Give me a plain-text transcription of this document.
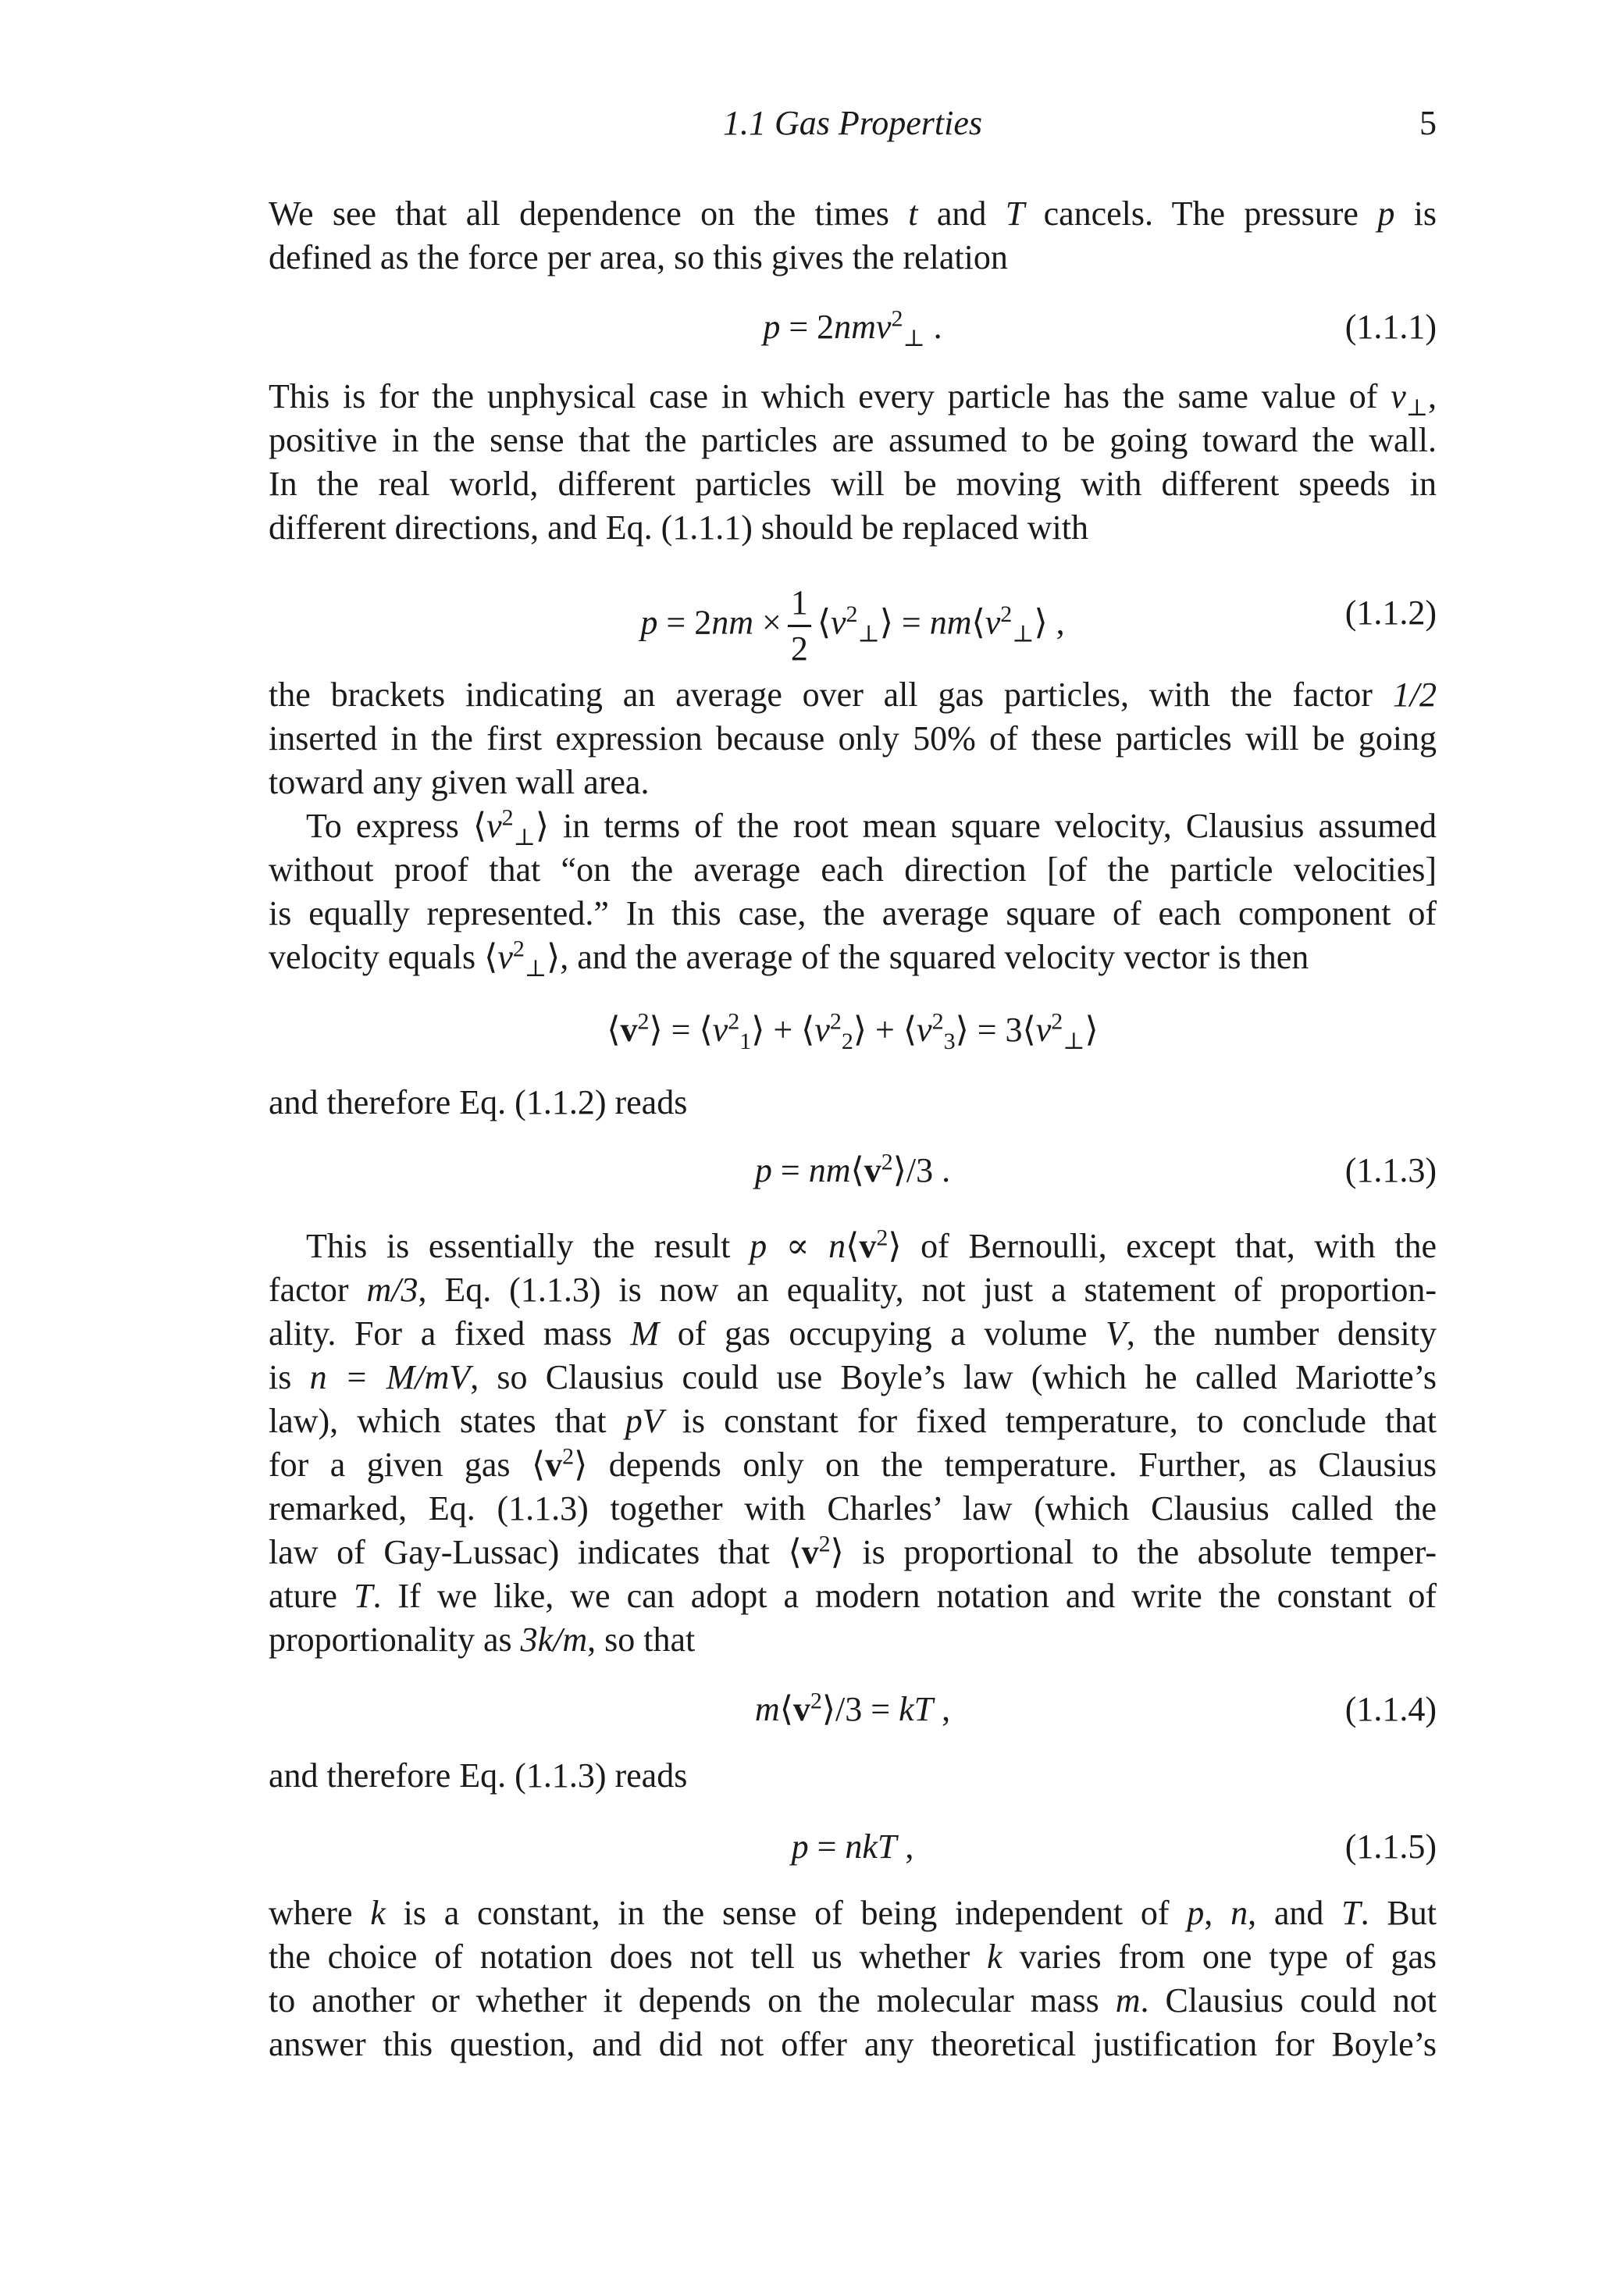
1.1 Gas Properties	5
We see that all dependence on the times t and T cancels. The pressure p is
defined as the force per area, so this gives the relation
p = 2nmv$^2_\perp$ .	(1.1.1)
This is for the unphysical case in which every particle has the same value of $v_\perp$,
positive in the sense that the particles are assumed to be going toward the wall.
In the real world, different particles will be moving with different speeds in
different directions, and Eq. (1.1.1) should be replaced with
$p = 2nm \times \frac{1}{2}$ $⟨v^2_\perp⟩$ = $nm⟨v^2_\perp⟩$ ,	(1.1.2)
the brackets indicating an average over all gas particles, with the factor 1/2
inserted in the first expression because only 50% of these particles will be going
toward any given wall area.
To express $⟨v^2_\perp⟩$ in terms of the root mean square velocity, Clausius assumed
without proof that “on the average each direction [of the particle velocities]
is equally represented.” In this case, the average square of each component of
velocity equals $⟨v^2_\perp⟩$, and the average of the squared velocity vector is then
$⟨v^2⟩$ = $⟨v^2_1⟩$ + $⟨v^2_2⟩$ + $⟨v^2_3⟩$ = $3⟨v^2_\perp⟩$
and therefore Eq. (1.1.2) reads
$p = nm⟨v^2⟩/3$ .	(1.1.3)
This is essentially the result $p \propto n⟨v^2⟩$ of Bernoulli, except that, with the
factor m/3, Eq. (1.1.3) is now an equality, not just a statement of proportion-
ality. For a fixed mass M of gas occupying a volume V, the number density
is n = M/mV, so Clausius could use Boyle’s law (which he called Mariotte’s
law), which states that pV is constant for fixed temperature, to conclude that
for a given gas $⟨v^2⟩$ depends only on the temperature. Further, as Clausius
remarked, Eq. (1.1.3) together with Charles’ law (which Clausius called the
law of Gay-Lussac) indicates that $⟨v^2⟩$ is proportional to the absolute temper-
ature T. If we like, we can adopt a modern notation and write the constant of
proportionality as 3k/m, so that
$m⟨v^2⟩/3$ = kT ,	(1.1.4)
and therefore Eq. (1.1.3) reads
p = nkT ,	(1.1.5)
where k is a constant, in the sense of being independent of p, n, and T. But
the choice of notation does not tell us whether k varies from one type of gas
to another or whether it depends on the molecular mass m. Clausius could not
answer this question, and did not offer any theoretical justification for Boyle’s
